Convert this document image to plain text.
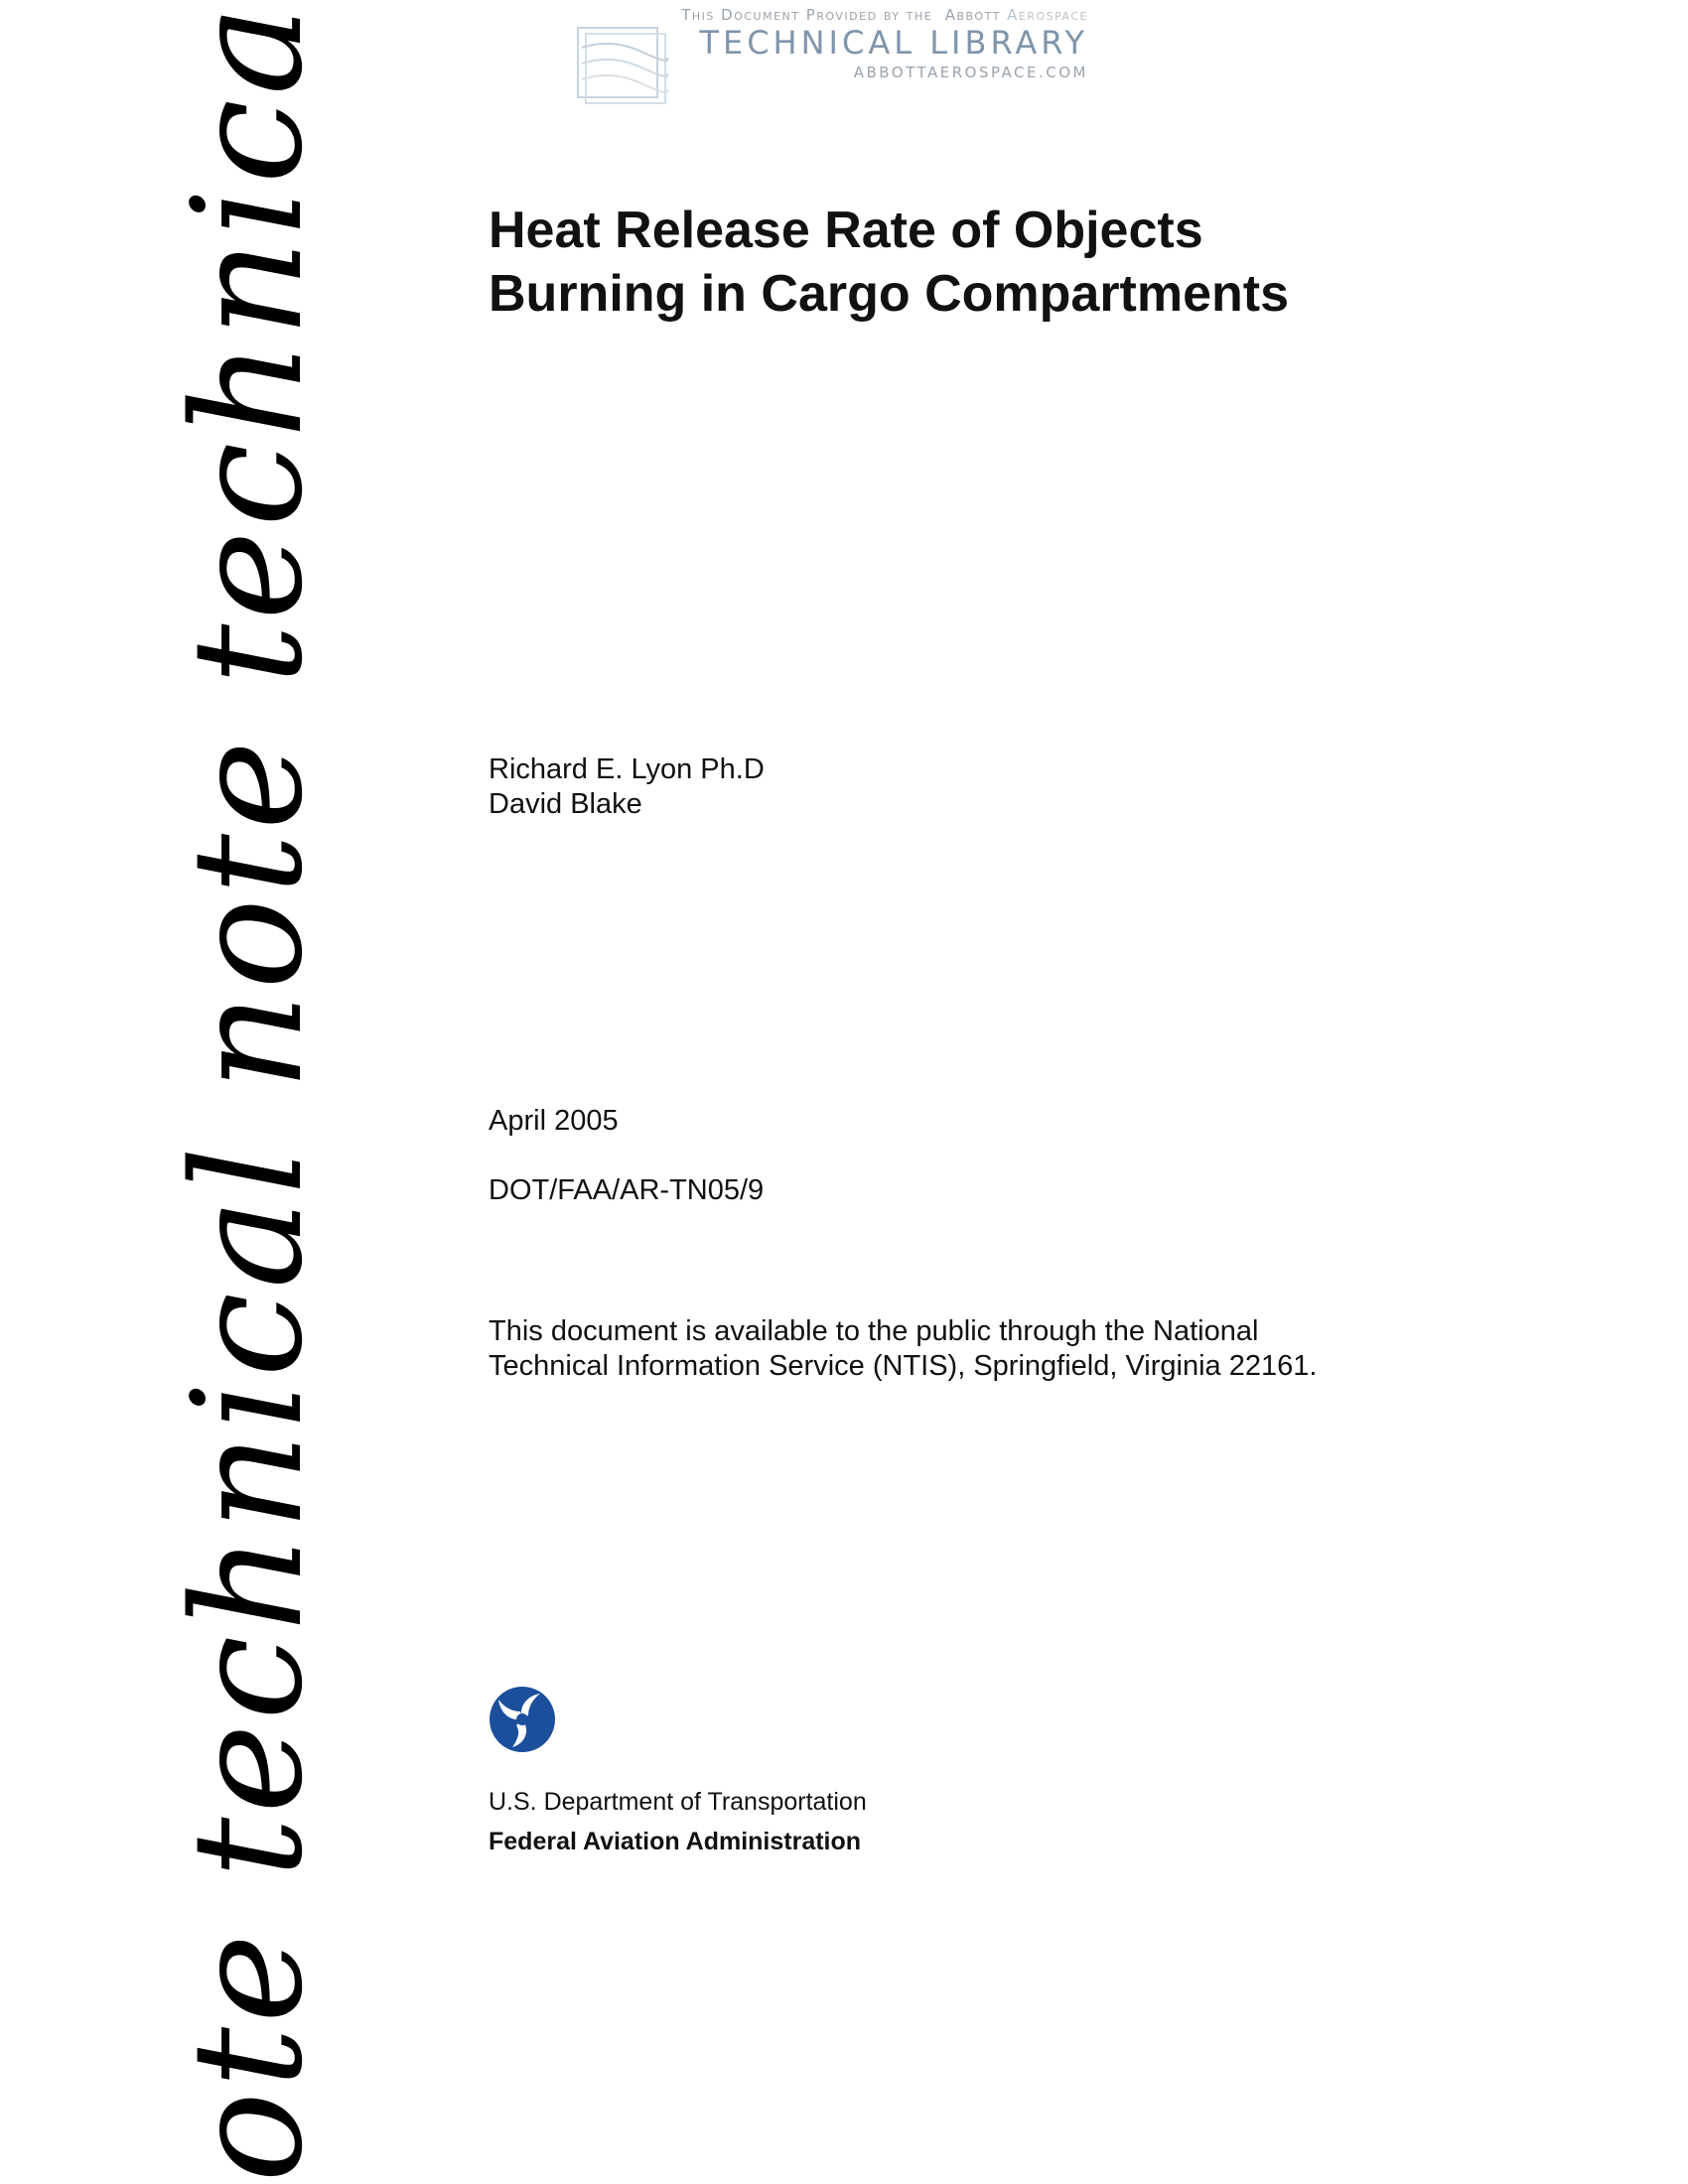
This Document Provided by the Abbott Aerospace
TECHNICAL LIBRARY
ABBOTTAEROSPACE.COM
ote technical note technica	Heat Release Rate of Objects
Burning in Cargo Compartments
Richard E. Lyon Ph.D
David Blake
April 2005
DOT/FAA/AR-TN05/9
This document is available to the public through the National
Technical Information Service (NTIS), Springfield, Virginia 22161.
U.S. Department of Transportation
Federal Aviation Administration
